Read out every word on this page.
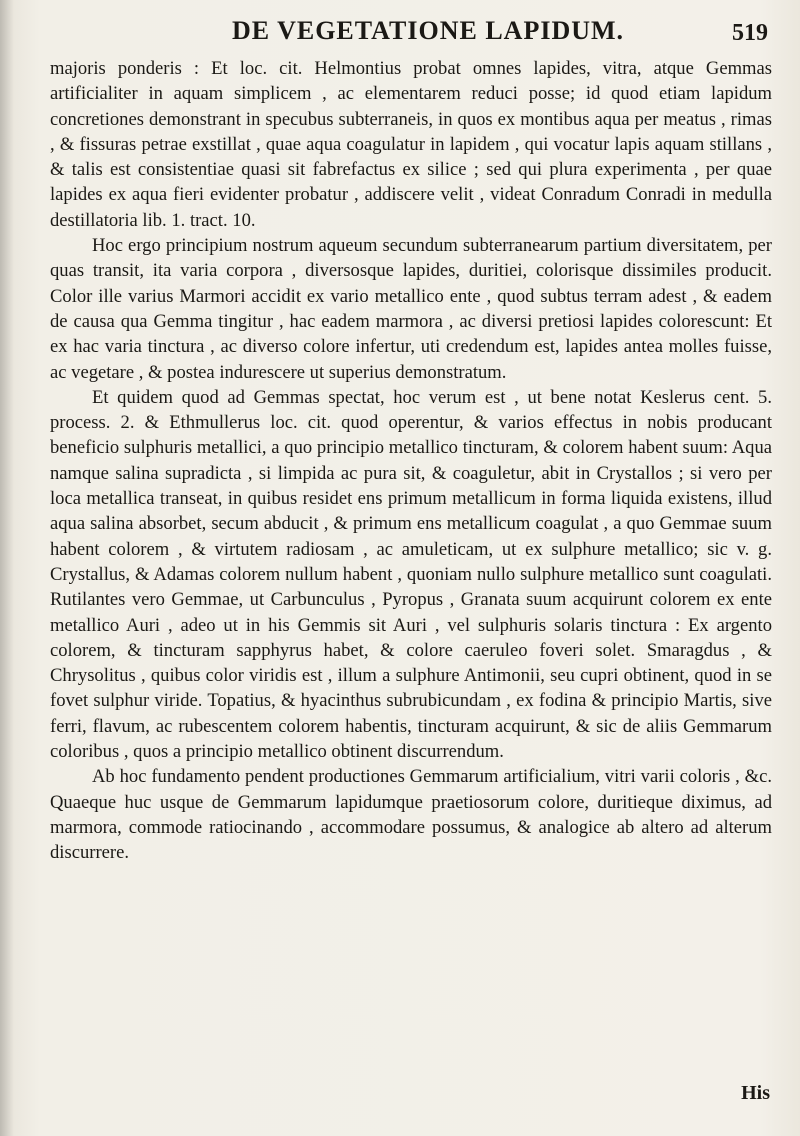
DE VEGETATIONE LAPIDUM.	519

majoris ponderis : Et loc. cit. Helmontius probat omnes lapides, vitra, atque Gemmas artificialiter in aquam simplicem , ac elementarem reduci posse; id quod etiam lapidum concretiones demonstrant in specubus subterraneis, in quos ex montibus aqua per meatus , rimas , & fissuras petrae exstillat , quae aqua coagulatur in lapidem , qui vocatur lapis aquam stillans , & talis est consistentiae quasi sit fabrefactus ex silice ; sed qui plura experimenta , per quae lapides ex aqua fieri evidenter probatur , addiscere velit , videat Conradum Conradi in medulla destillatoria lib. 1. tract. 10.

Hoc ergo principium nostrum aqueum secundum subterranearum partium diversitatem, per quas transit, ita varia corpora , diversosque lapides, duritiei, colorisque dissimiles producit. Color ille varius Marmori accidit ex vario metallico ente , quod subtus terram adest , & eadem de causa qua Gemma tingitur , hac eadem marmora , ac diversi pretiosi lapides colorescunt: Et ex hac varia tinctura , ac diverso colore infertur, uti credendum est, lapides antea molles fuisse, ac vegetare , & postea indurescere ut superius demonstratum.

Et quidem quod ad Gemmas spectat, hoc verum est , ut bene notat Keslerus cent. 5. process. 2. & Ethmullerus loc. cit. quod operentur, & varios effectus in nobis producant beneficio sulphuris metallici, a quo principio metallico tincturam, & colorem habent suum: Aqua namque salina supradicta , si limpida ac pura sit, & coaguletur, abit in Crystallos ; si vero per loca metallica transeat, in quibus residet ens primum metallicum in forma liquida existens, illud aqua salina absorbet, secum abducit , & primum ens metallicum coagulat , a quo Gemmae suum habent colorem , & virtutem radiosam , ac amuleticam, ut ex sulphure metallico; sic v. g. Crystallus, & Adamas colorem nullum habent , quoniam nullo sulphure metallico sunt coagulati. Rutilantes vero Gemmae, ut Carbunculus , Pyropus , Granata suum acquirunt colorem ex ente metallico Auri , adeo ut in his Gemmis sit Auri , vel sulphuris solaris tinctura : Ex argento colorem, & tincturam sapphyrus habet, & colore caeruleo foveri solet. Smaragdus , & Chrysolitus , quibus color viridis est , illum a sulphure Antimonii, seu cupri obtinent, quod in se fovet sulphur viride. Topatius, & hyacinthus subrubicundam , ex fodina & principio Martis, sive ferri, flavum, ac rubescentem colorem habentis, tincturam acquirunt, & sic de aliis Gemmarum coloribus , quos a principio metallico obtinent discurrendum.

Ab hoc fundamento pendent productiones Gemmarum artificialium, vitri varii coloris , &c. Quaeque huc usque de Gemmarum lapidumque praetiosorum colore, duritieque diximus, ad marmora, commode ratiocinando , accommodare possumus, & analogice ab altero ad alterum discurrere.

His
